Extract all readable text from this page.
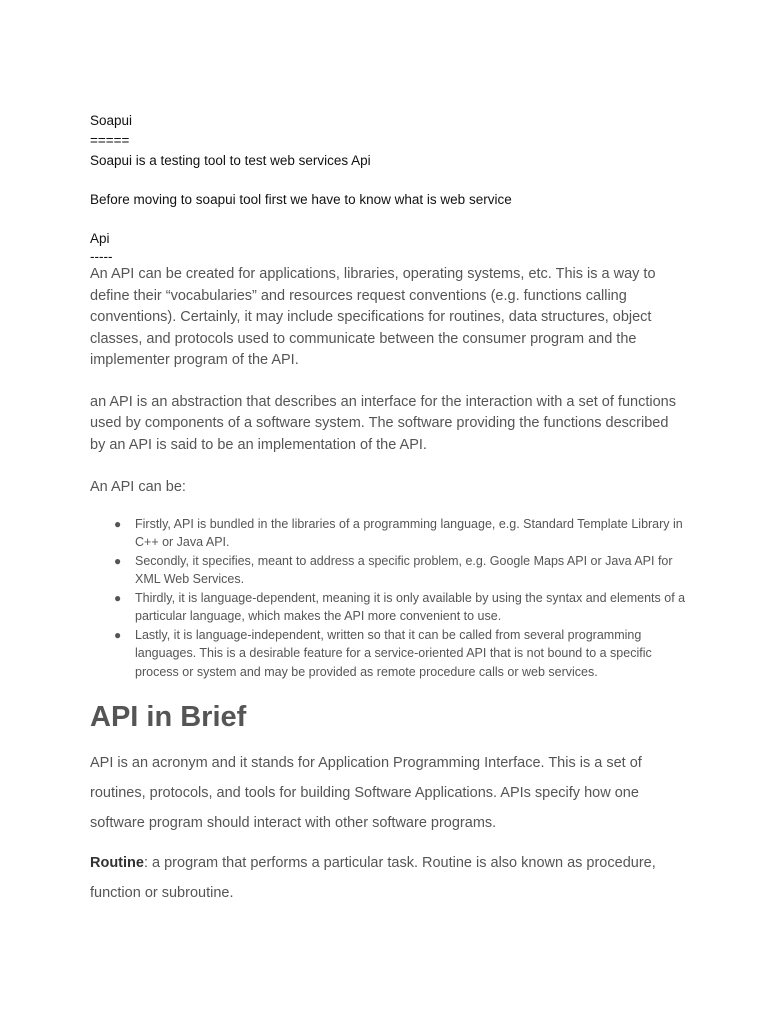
Soapui

=====

Soapui is a testing tool to test web services Api

Before moving to soapui tool first we have to know what is web service

Api

-----

An API can be created for applications, libraries, operating systems, etc. This is a way to define their “vocabularies” and resources request conventions (e.g. functions calling conventions). Certainly, it may include specifications for routines, data structures, object classes, and protocols used to communicate between the consumer program and the implementer program of the API.

an API is an abstraction that describes an interface for the interaction with a set of functions used by components of a software system. The software providing the functions described by an API is said to be an implementation of the API.

An API can be:

● Firstly, API is bundled in the libraries of a programming language, e.g. Standard Template Library in C++ or Java API.
● Secondly, it specifies, meant to address a specific problem, e.g. Google Maps API or Java API for XML Web Services.
● Thirdly, it is language-dependent, meaning it is only available by using the syntax and elements of a particular language, which makes the API more convenient to use.
● Lastly, it is language-independent, written so that it can be called from several programming languages. This is a desirable feature for a service-oriented API that is not bound to a specific process or system and may be provided as remote procedure calls or web services.
API in Brief

API is an acronym and it stands for Application Programming Interface. This is a set of routines, protocols, and tools for building Software Applications. APIs specify how one software program should interact with other software programs.

Routine: a program that performs a particular task. Routine is also known as procedure, function or subroutine.
